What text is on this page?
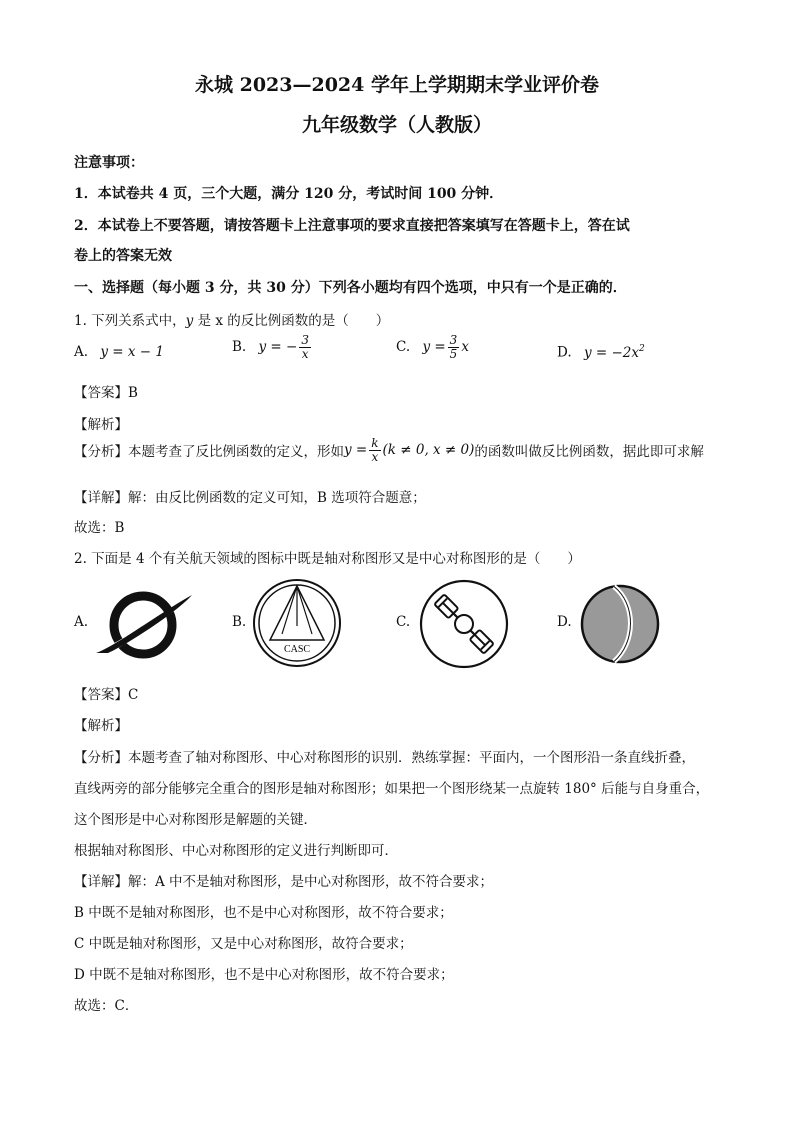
永城 2023—2024 学年上学期期末学业评价卷
九年级数学（人教版）
注意事项：
1．本试卷共 4 页，三个大题，满分 120 分，考试时间 100 分钟．
2．本试卷上不要答题，请按答题卡上注意事项的要求直接把答案填写在答题卡上，答在试
卷上的答案无效
一、选择题（每小题 3 分，共 30 分）下列各小题均有四个选项，中只有一个是正确的．
1. 下列关系式中，y 是 x 的反比例函数的是（　　）
A. y = x − 1	B. y = − $\frac{3}{x}$	C. $y = \frac{3}{5}$ x	D. $y = -2x^2$
【答案】B
【解析】
【分析】本题考查了反比例函数的定义，形如$y = \frac{k}{x} (k \ne 0$, x ≠ 0)的函数叫做反比例函数，据此即可求解
【详解】解：由反比例函数的定义可知，B 选项符合题意；
故选：B
2. 下面是 4 个有关航天领域的图标中既是轴对称图形又是中心对称图形的是（　　）
A.	B.
CASC
C.	D.
【答案】C
【解析】
【分析】本题考查了轴对称图形、中心对称图形的识别．熟练掌握：平面内，一个图形沿一条直线折叠，
直线两旁的部分能够完全重合的图形是轴对称图形；如果把一个图形绕某一点旋转 180° 后能与自身重合，
这个图形是中心对称图形是解题的关键．
根据轴对称图形、中心对称图形的定义进行判断即可．
【详解】解：A 中不是轴对称图形，是中心对称图形，故不符合要求；
B 中既不是轴对称图形，也不是中心对称图形，故不符合要求；
C 中既是轴对称图形，又是中心对称图形，故符合要求；
D 中既不是轴对称图形，也不是中心对称图形，故不符合要求；
故选：C．
